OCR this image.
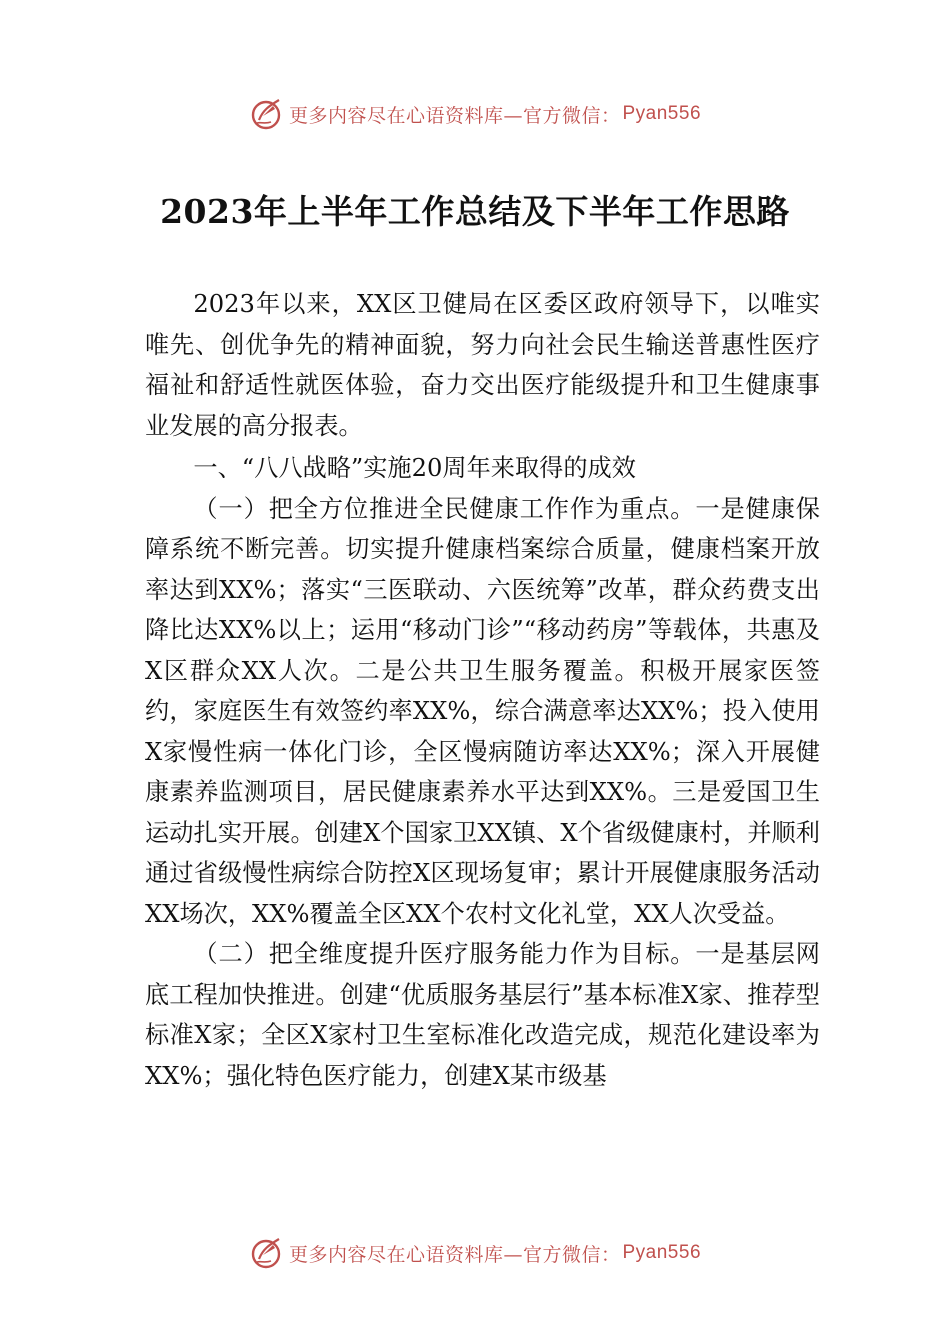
更多内容尽在心语资料库—官方微信： Pyan556
2023年上半年工作总结及下半年工作思路

2023年以来，XX区卫健局在区委区政府领导下，以唯实唯先、创优争先的精神面貌，努力向社会民生输送普惠性医疗福祉和舒适性就医体验，奋力交出医疗能级提升和卫生健康事业发展的高分报表。

一、“八八战略”实施20周年来取得的成效

（一）把全方位推进全民健康工作作为重点。一是健康保障系统不断完善。切实提升健康档案综合质量，健康档案开放率达到XX%；落实“三医联动、六医统筹”改革，群众药费支出降比达XX%以上；运用“移动门诊”“移动药房”等载体，共惠及X区群众XX人次。二是公共卫生服务覆盖。积极开展家医签约，家庭医生有效签约率XX%，综合满意率达XX%；投入使用X家慢性病一体化门诊，全区慢病随访率达XX%；深入开展健康素养监测项目，居民健康素养水平达到XX%。三是爱国卫生运动扎实开展。创建X个国家卫XX镇、X个省级健康村，并顺利通过省级慢性病综合防控X区现场复审；累计开展健康服务活动XX场次，XX%覆盖全区XX个农村文化礼堂，XX人次受益。

（二）把全维度提升医疗服务能力作为目标。一是基层网底工程加快推进。创建“优质服务基层行”基本标准X家、推荐型标准X家；全区X家村卫生室标准化改造完成，规范化建设率为XX%；强化特色医疗能力，创建X某市级基

更多内容尽在心语资料库—官方微信： Pyan556
